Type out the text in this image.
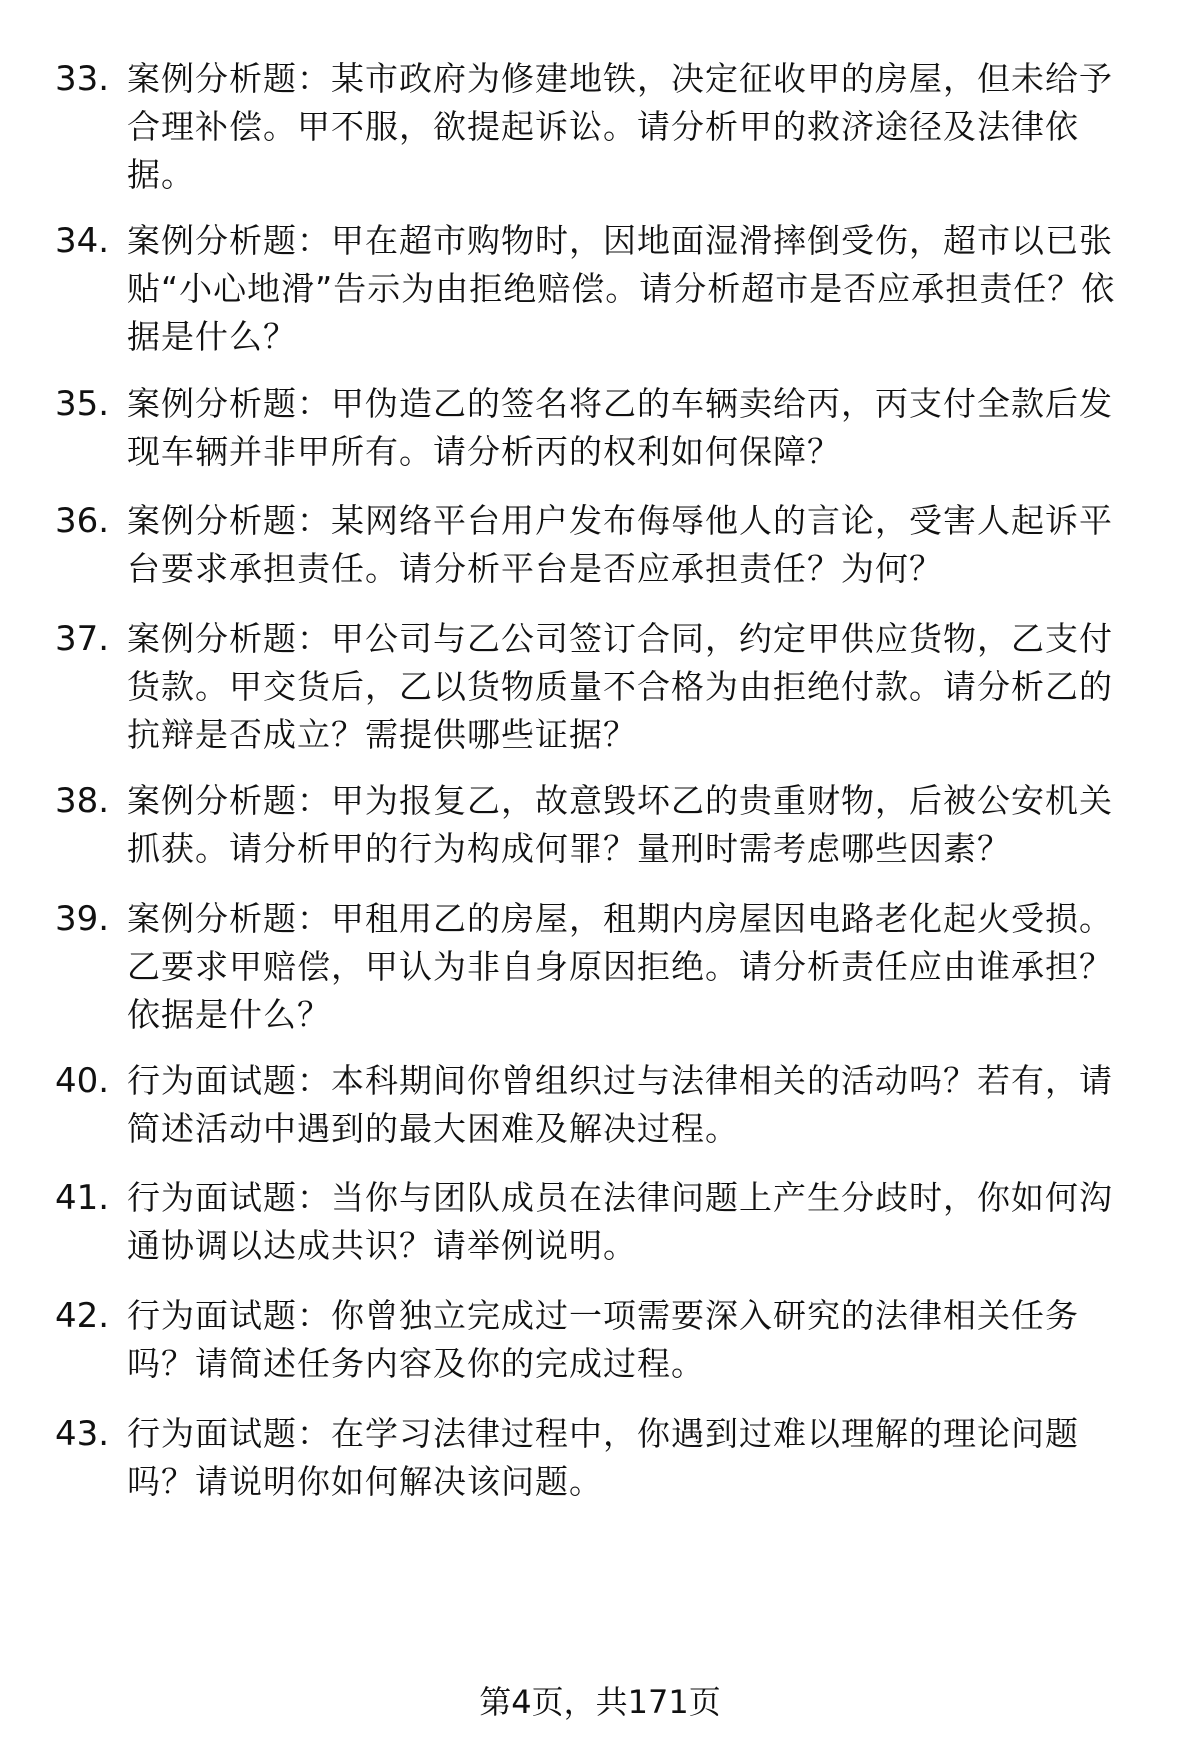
33. 案例分析题：某市政府为修建地铁，决定征收甲的房屋，但未给予合理补偿。甲不服，欲提起诉讼。请分析甲的救济途径及法律依据。
34. 案例分析题：甲在超市购物时，因地面湿滑摔倒受伤，超市以已张贴“小心地滑”告示为由拒绝赔偿。请分析超市是否应承担责任？依据是什么？
35. 案例分析题：甲伪造乙的签名将乙的车辆卖给丙，丙支付全款后发现车辆并非甲所有。请分析丙的权利如何保障？
36. 案例分析题：某网络平台用户发布侮辱他人的言论，受害人起诉平台要求承担责任。请分析平台是否应承担责任？为何？
37. 案例分析题：甲公司与乙公司签订合同，约定甲供应货物，乙支付货款。甲交货后，乙以货物质量不合格为由拒绝付款。请分析乙的抗辩是否成立？需提供哪些证据？
38. 案例分析题：甲为报复乙，故意毁坏乙的贵重财物，后被公安机关抓获。请分析甲的行为构成何罪？量刑时需考虑哪些因素？
39. 案例分析题：甲租用乙的房屋，租期内房屋因电路老化起火受损。乙要求甲赔偿，甲认为非自身原因拒绝。请分析责任应由谁承担？依据是什么？
40. 行为面试题：本科期间你曾组织过与法律相关的活动吗？若有，请简述活动中遇到的最大困难及解决过程。
41. 行为面试题：当你与团队成员在法律问题上产生分歧时，你如何沟通协调以达成共识？请举例说明。
42. 行为面试题：你曾独立完成过一项需要深入研究的法律相关任务吗？请简述任务内容及你的完成过程。
43. 行为面试题：在学习法律过程中，你遇到过难以理解的理论问题吗？请说明你如何解决该问题。
第4页，共171页
